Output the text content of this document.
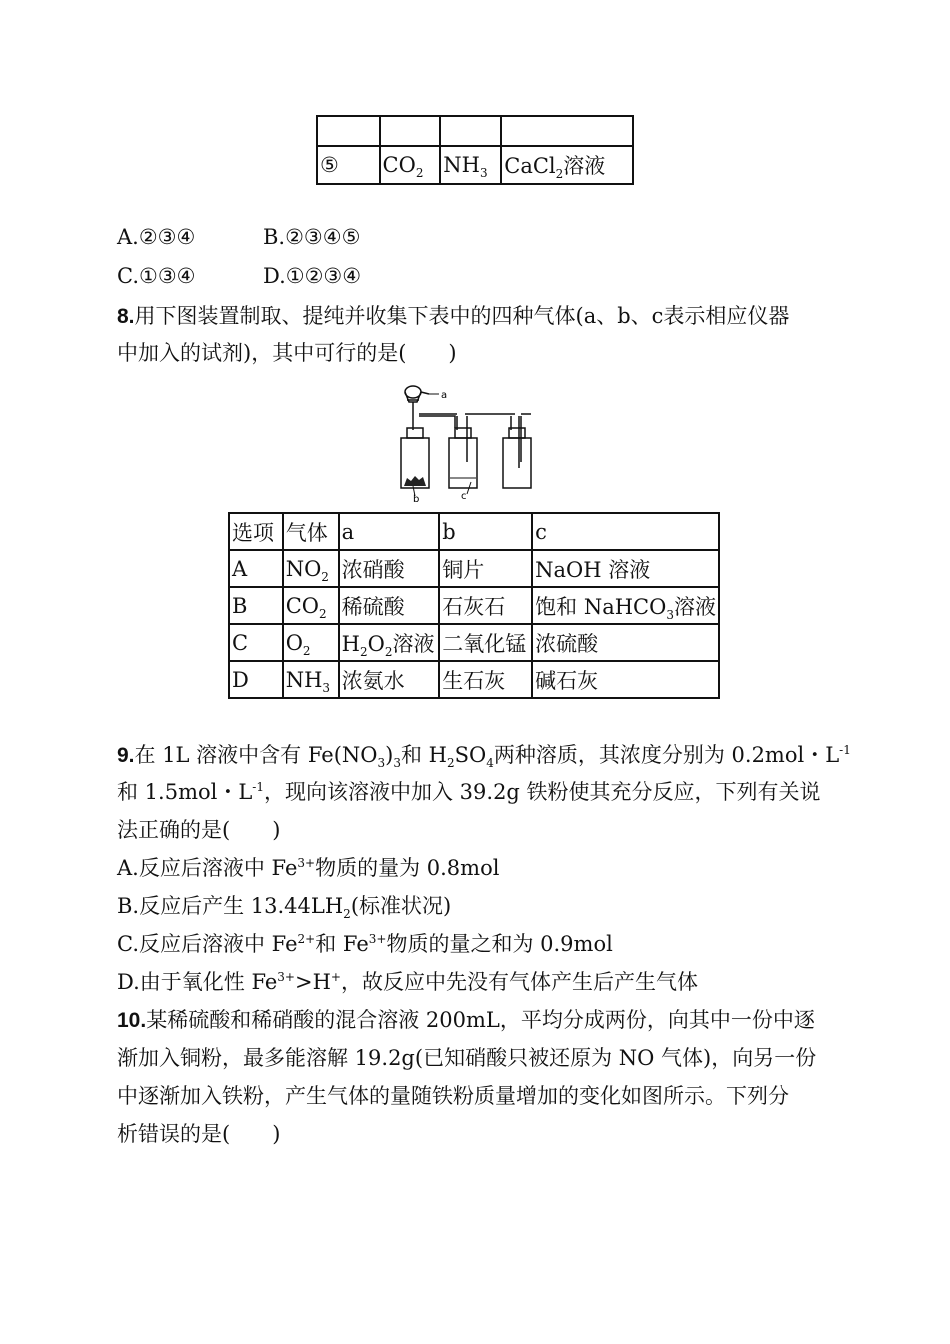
⑤	$CO_2$	$NH_3$	CaCl$_2$溶液
A.②③④	B.②③④⑤
C.①③④	D.①②③④
8.用下图装置制取、提纯并收集下表中的四种气体(a、b、c表示相应仪器
中加入的试剂)，其中可行的是(　　)
a
b	c
选项	气体	a	b	c
A	$NO_2$	浓硝酸	铜片	NaOH 溶液
B	$CO_2$	稀硫酸	石灰石	饱和 NaHCO$_3$溶液
C	$O_2$	$H_2O_2$溶液	二氧化锰	浓硫酸
D	$NH_3$	浓氨水	生石灰	碱石灰
9.在 1L 溶液中含有 $Fe(NO_3)_3$和 $H_2SO_4$两种溶质，其浓度分别为 0.2mol・$L^{-1}$
和 1.5mol・$L^{-1}$，现向该溶液中加入 39.2g 铁粉使其充分反应，下列有关说
法正确的是(　　)
A.反应后溶液中 $Fe^{3+}$物质的量为 0.8mol
B.反应后产生 $13.44LH_2$(标准状况)
C.反应后溶液中 $Fe^{2+}$和 $Fe^{3+}$物质的量之和为 0.9mol
D.由于氧化性 $Fe^{3+}>H^+$，故反应中先没有气体产生后产生气体
10.某稀硫酸和稀硝酸的混合溶液 200mL，平均分成两份，向其中一份中逐
渐加入铜粉，最多能溶解 19.2g(已知硝酸只被还原为 NO 气体)，向另一份
中逐渐加入铁粉，产生气体的量随铁粉质量增加的变化如图所示。下列分
析错误的是(　　)
